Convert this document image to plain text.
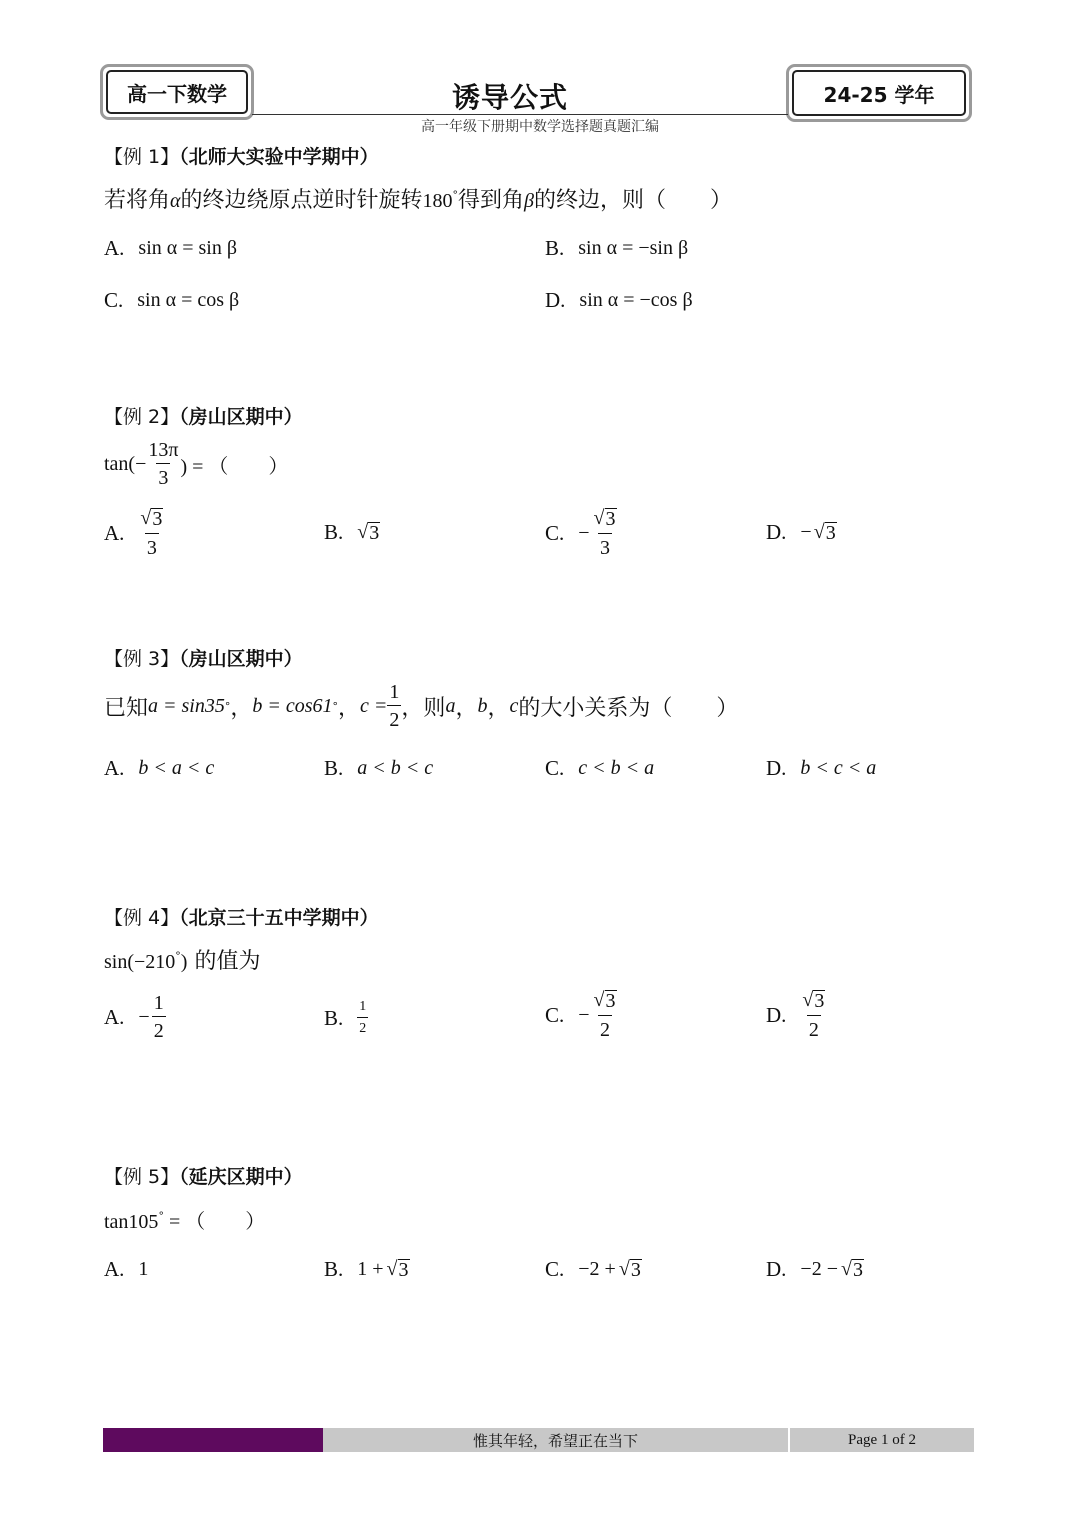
高一下数学	诱导公式	24-25 学年
高一年级下册期中数学选择题真题汇编
【例 1】（北师大实验中学期中）
若将角α的终边绕原点逆时针旋转180°得到角β的终边，则（　　）
A. sin α = sin β	B. sin α = −sin β
C. sin α = cos β	D. sin α = −cos β
【例 2】（房山区期中）
$\tan(- \frac{13\pi}{3}$ ) = （　　）
A. $\frac{√ 3}{3}$	B. √ 3	C. − $\frac{√ 3}{3}$	D. − √ 3
【例 3】（房山区期中）
已知 a = sin35 ° ， b = cos61 ° ， $c = \frac{1}{2}$ ，则 a ， b ， c 的大小关系为（　　）
A. b < a < c	B. a < b < c	C. c < b < a	D. b < c < a
【例 4】（北京三十五中学期中）
sin(−210°) 的值为
A. − $\frac{1}{2}$	B. $\frac{1}{2}$	C. − $\frac{√ 3}{2}$	D. $\frac{√ 3}{2}$
【例 5】（延庆区期中）
tan105° = （　　）
A. 1	B. 1 + √ 3	C. −2 + √ 3	D. −2 − √ 3
惟其年轻，希望正在当下	Page 1 of 2
